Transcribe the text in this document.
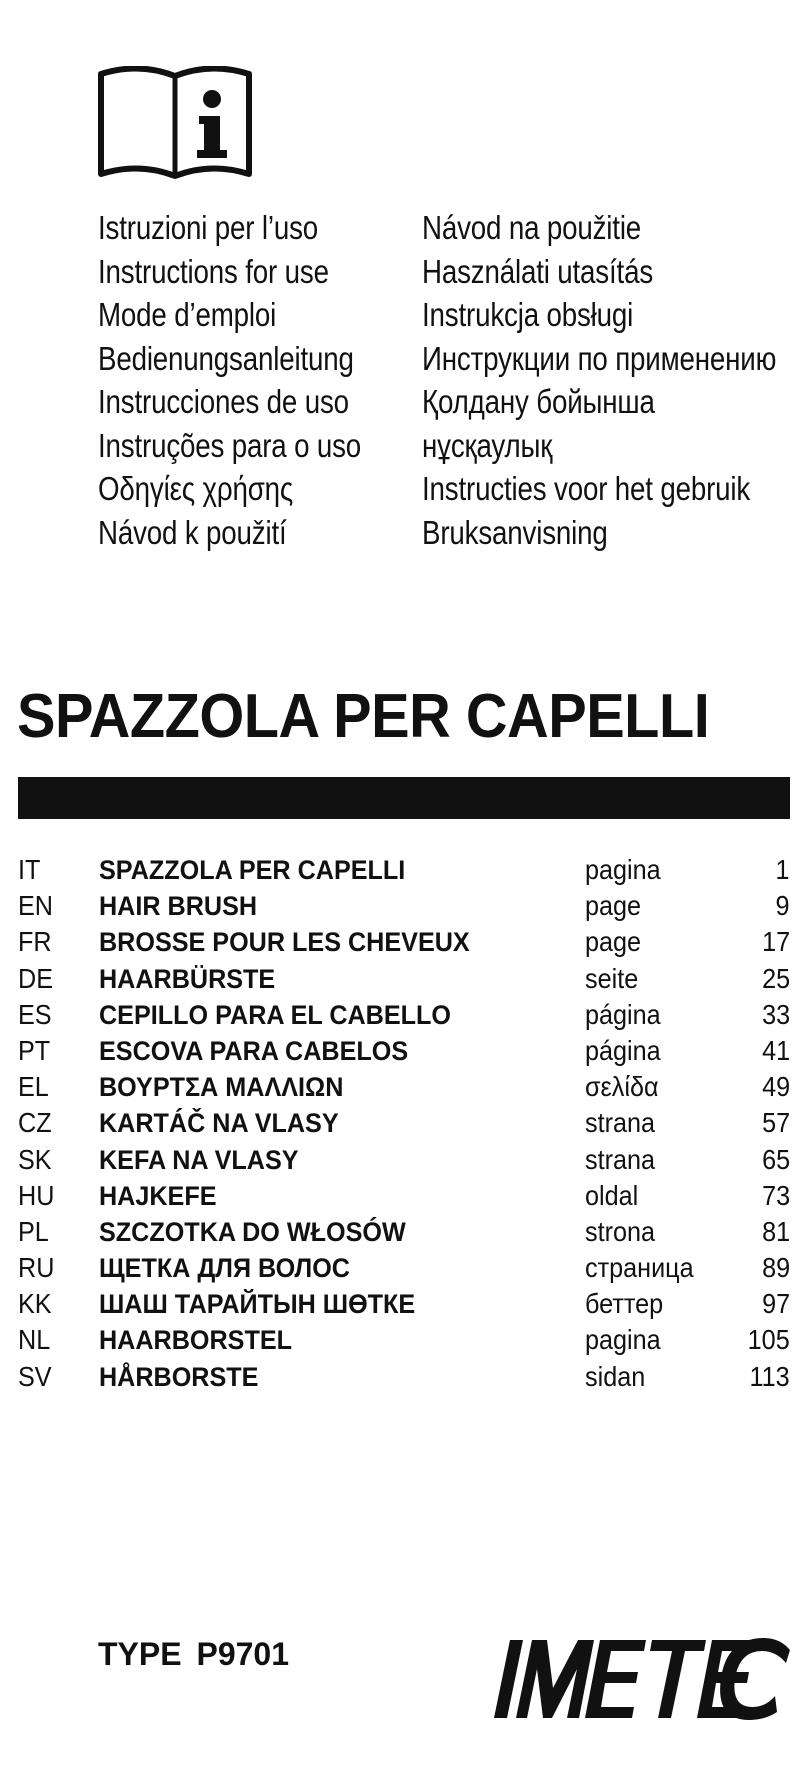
Istruzioni per l’uso
Instructions for use
Mode d’emploi
Bedienungsanleitung
Instrucciones de uso
Instruções para o uso
Οδηγίες χρήσης
Návod k použití
Návod na použitie
Használati utasítás
Instrukcja obsługi
Инструкции по применению
Қолдану бойынша
нұсқаулық
Instructies voor het gebruik
Bruksanvisning
SPAZZOLA PER CAPELLI
IT SPAZZOLA PER CAPELLI	pagina	1
EN HAIR BRUSH	page	9
FR BROSSE POUR LES CHEVEUX	page	17
DE HAARBÜRSTE	seite	25
ES CEPILLO PARA EL CABELLO	página	33
PT ESCOVA PARA CABELOS	página	41
EL ΒΟΥΡΤΣΑ ΜΑΛΛΙΩΝ	σελίδα	49
CZ KARTÁČ NA VLASY	strana	57
SK KEFA NA VLASY	strana	65
HU HAJKEFE	oldal	73
PL SZCZOTKA DO WŁOSÓW	strona	81
RU ЩЕТКА ДЛЯ ВОЛОС	страница 89
KK ШАШ ТАРАЙТЫН ШӨТКЕ	беттер	97
NL HAARBORSTEL	pagina	105
SV HÅRBORSTE	sidan	113
TYPE P9701
